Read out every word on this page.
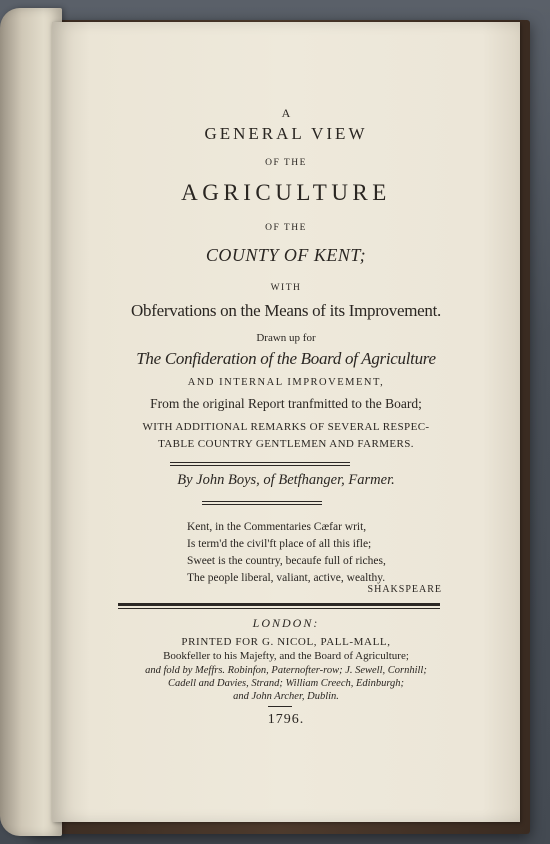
A
GENERAL VIEW
OF THE
AGRICULTURE
OF THE
COUNTY OF KENT;
WITH
Obfervations on the Means of its Improvement.
Drawn up for
The Confideration of the Board of Agriculture
AND INTERNAL IMPROVEMENT,
From the original Report tranfmitted to the Board;
WITH ADDITIONAL REMARKS OF SEVERAL RESPEC-
TABLE COUNTRY GENTLEMEN AND FARMERS.
By John Boys, of Betfhanger, Farmer.
Kent, in the Commentaries Cæfar writ,
Is term'd the civil'ft place of all this ifle;
Sweet is the country, becaufe full of riches,
The people liberal, valiant, active, wealthy.
SHAKSPEARE
LONDON:
PRINTED FOR G. NICOL, PALL-MALL,
Bookfeller to his Majefty, and the Board of Agriculture;
and fold by Meffrs. Robinfon, Paternofter-row; J. Sewell, Cornhill;
Cadell and Davies, Strand; William Creech, Edinburgh;
and John Archer, Dublin.
1796.
